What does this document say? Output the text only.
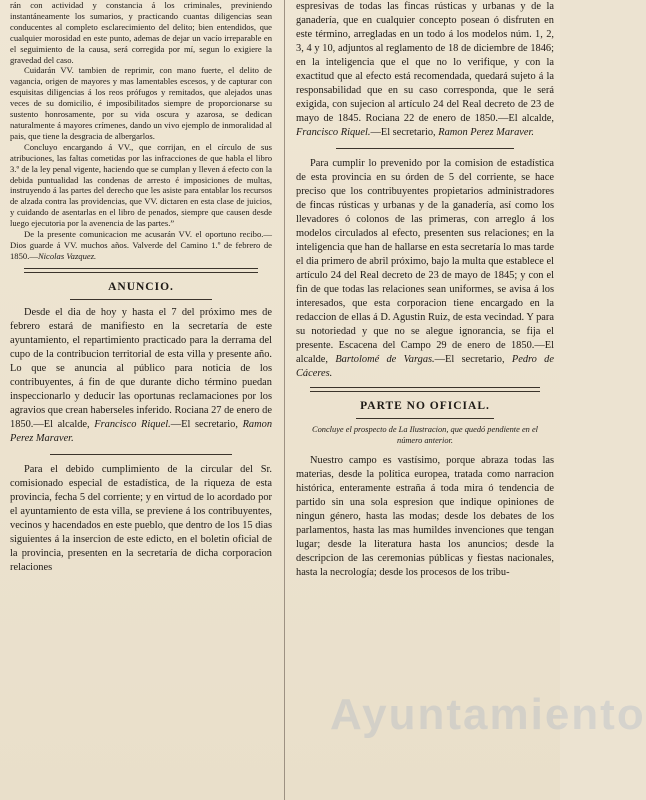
rán con actividad y constancia á los criminales, previniendo instantáneamente los sumarios, y practicando cuantas diligencias sean conducentes al completo esclarecimiento del delito; bien entendidos, que cualquier morosidad en este punto, ademas de dejar un vacío irreparable en el seguimiento de la causa, será corregida por mí, segun lo exigiere la gravedad del caso.

Cuidarán VV. tambien de reprimir, con mano fuerte, el delito de vagancia, origen de mayores y mas lamentables escesos, y de capturar con esquisitas diligencias á los reos prófugos y remitados, que alejados unas veces de su domicilio, é imposibilitados siempre de proporcionarse su sustento honrosamente, por su vida oscura y azarosa, se dedican naturalmente á mayores crímenes, dando un vivo ejemplo de inmoralidad al pais, que tiene la desgracia de albergarlos.

Concluyo encargando á VV., que corrijan, en el círculo de sus atribuciones, las faltas cometidas por las infracciones de que habla el libro 3.º de la ley penal vigente, haciendo que se cumplan y lleven á efecto con la debida puntualidad las condenas de arresto é imposiciones de multas, instruyendo á las partes del derecho que les asiste para entablar los recursos de alzada contra las providencias, que VV. dictaren en esta clase de juicios, y cuidando de asentarlas en el libro de penados, siempre que causen desde luego ejecutoria por la avenencia de las partes.”

De la presente comunicacion me acusarán VV. el oportuno recibo.—Dios guarde á VV. muchos años. Valverde del Camino 1.º de febrero de 1850.—Nicolas Vazquez.

ANUNCIO.

Desde el dia de hoy y hasta el 7 del próximo mes de febrero estará de manifiesto en la secretaría de este ayuntamiento, el repartimiento practicado para la derrama del cupo de la contribucion territorial de esta villa y presente año. Lo que se anuncia al público para noticia de los contribuyentes, á fin de que durante dicho término puedan inspeccionarlo y deducir las oportunas reclamaciones por los agravios que crean haberseles inferido. Rociana 27 de enero de 1850.—El alcalde, Francisco Riquel.—El secretario, Ramon Perez Maraver.

Para el debido cumplimiento de la circular del Sr. comisionado especial de estadística, de la riqueza de esta provincia, fecha 5 del corriente; y en virtud de lo acordado por el ayuntamiento de esta villa, se previene á los contribuyentes, vecinos y hacendados en este pueblo, que dentro de los 15 dias siguientes á la insercion de este edicto, en el boletin oficial de la provincia, presenten en la secretaría de dicha corporacion relaciones

espresivas de todas las fincas rústicas y urbanas y de la ganadería, que en cualquier concepto posean ó disfruten en este término, arregladas en un todo á los modelos núm. 1, 2, 3, 4 y 10, adjuntos al reglamento de 18 de diciembre de 1846; en la inteligencia que el que no lo verifique, y con la exactitud que al efecto está recomendada, quedará sujeto á la responsabilidad que en su caso corresponda, que le será exigida, con sujecion al artículo 24 del Real decreto de 23 de mayo de 1845. Rociana 22 de enero de 1850.—El alcalde, Francisco Riquel.—El secretario, Ramon Perez Maraver.

Para cumplir lo prevenido por la comision de estadística de esta provincia en su órden de 5 del corriente, se hace preciso que los contribuyentes propietarios administradores de fincas rústicas y urbanas y de la ganadería, así como los llevadores ó colonos de las primeras, con arreglo á los modelos circulados al efecto, presenten sus relaciones; en la inteligencia que han de hallarse en esta secretaría lo mas tarde el dia primero de abril próximo, bajo la multa que establece el artículo 24 del Real decreto de 23 de mayo de 1845; y con el fin de que todas las relaciones sean uniformes, se avisa á los interesados, que esta corporacion tiene encargado en la redaccion de ellas á D. Agustin Ruiz, de esta vecindad. Y para su notoriedad y que no se alegue ignorancia, se fija el presente. Escacena del Campo 29 de enero de 1850.—El alcalde, Bartolomé de Vargas.—El secretario, Pedro de Cáceres.

PARTE NO OFICIAL.

Concluye el prospecto de La Ilustracion, que quedó pendiente en el número anterior.

Nuestro campo es vastísimo, porque abraza todas las materias, desde la política europea, tratada como narracion histórica, enteramente estraña á toda mira ó tendencia de partido sin una sola espresion que indique opiniones de ningun género, hasta las modas; desde los debates de los parlamentos, hasta las mas humildes invenciones que tengan lugar; desde la literatura hasta los anuncios; desde la descripcion de las ceremonias públicas y fiestas nacionales, hasta la necrología; desde los procesos de los tribu-

Ayuntamiento
